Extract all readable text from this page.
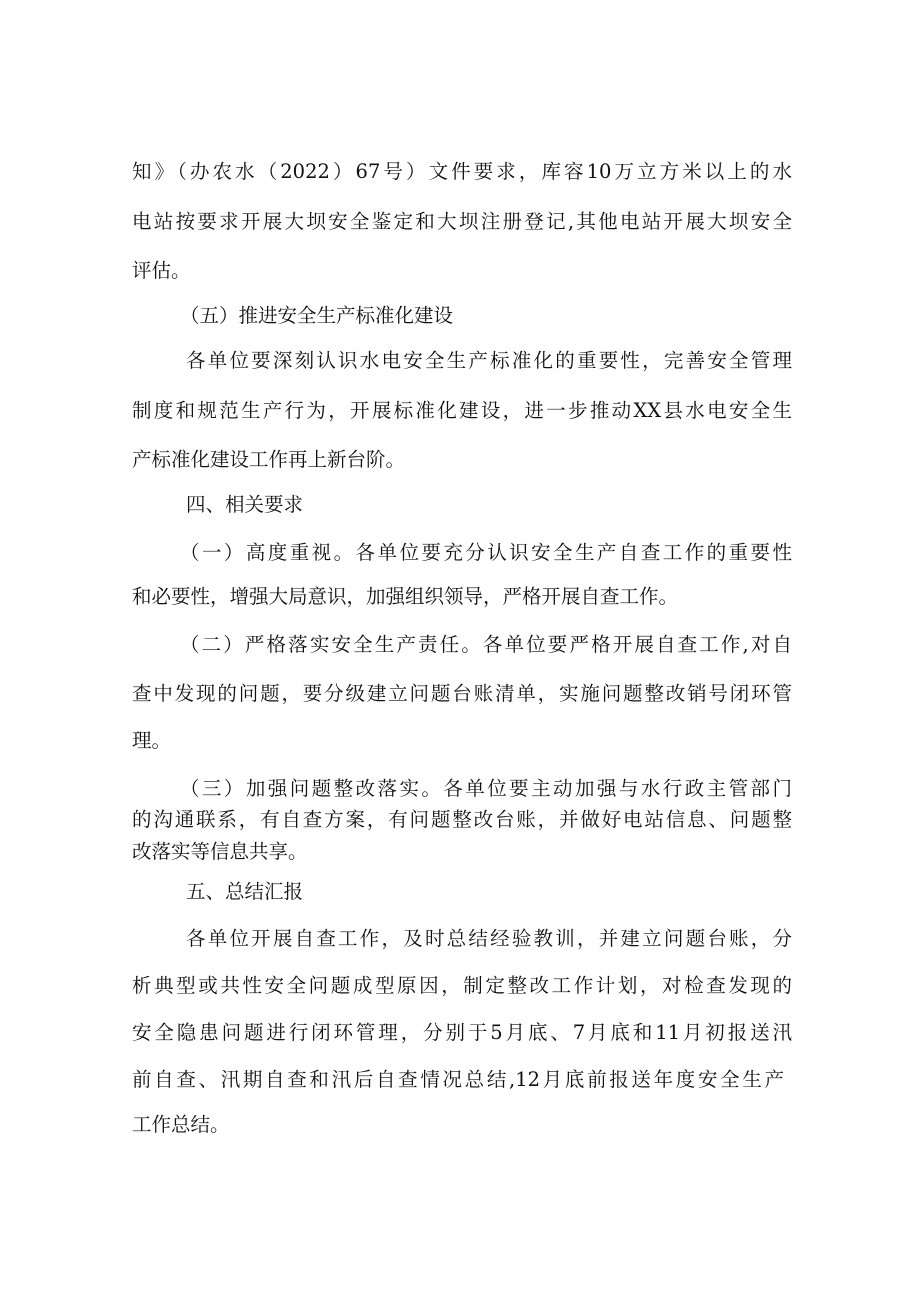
知》（办农水（2022）67号）文件要求，库容10万立方米以上的水
电站按要求开展大坝安全鉴定和大坝注册登记,其他电站开展大坝安全
评估。
（五）推进安全生产标准化建设
各单位要深刻认识水电安全生产标准化的重要性，完善安全管理
制度和规范生产行为，开展标准化建设，进一步推动XX县水电安全生
产标准化建设工作再上新台阶。
四、相关要求
（一）高度重视。各单位要充分认识安全生产自查工作的重要性
和必要性，增强大局意识，加强组织领导，严格开展自查工作。
（二）严格落实安全生产责任。各单位要严格开展自查工作,对自
查中发现的问题，要分级建立问题台账清单，实施问题整改销号闭环管
理。
（三）加强问题整改落实。各单位要主动加强与水行政主管部门
的沟通联系，有自查方案，有问题整改台账，并做好电站信息、问题整
改落实等信息共享。
五、总结汇报
各单位开展自查工作，及时总结经验教训，并建立问题台账，分
析典型或共性安全问题成型原因，制定整改工作计划，对检查发现的
安全隐患问题进行闭环管理，分别于5月底、7月底和11月初报送汛
前自查、汛期自查和汛后自查情况总结,12月底前报送年度安全生产
工作总结。
